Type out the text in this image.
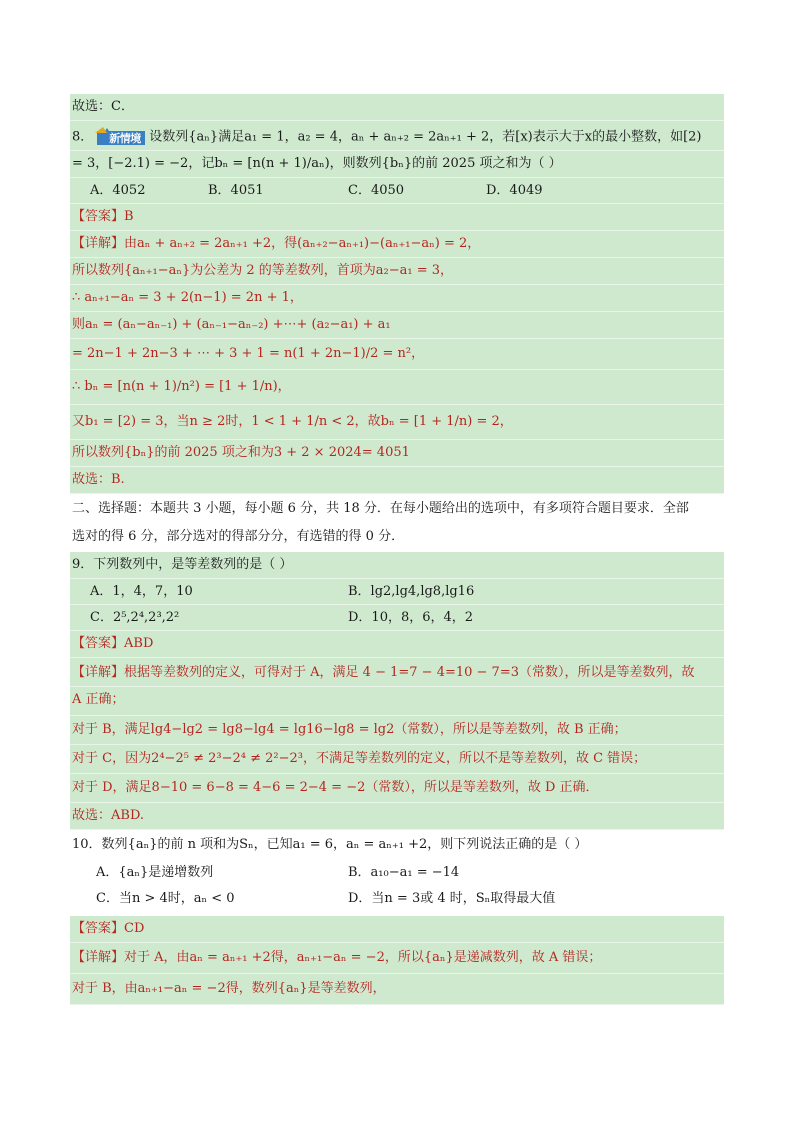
故选：C．
8． 新情境 设数列{aₙ}满足a₁ = 1，a₂ = 4，aₙ + aₙ₊₂ = 2aₙ₊₁ + 2，若[x)表示大于x的最小整数，如[2)
= 3，[−2.1) = −2，记bₙ = [n(n + 1)/aₙ)，则数列{bₙ}的前 2025 项之和为（ ）
A．4052	B．4051	C．4050	D．4049
【答案】B
【详解】由aₙ + aₙ₊₂ = 2aₙ₊₁ +2，得(aₙ₊₂−aₙ₊₁)−(aₙ₊₁−aₙ) = 2，
所以数列{aₙ₊₁−aₙ}为公差为 2 的等差数列，首项为a₂−a₁ = 3，
∴ aₙ₊₁−aₙ = 3 + 2(n−1) = 2n + 1，
则aₙ = (aₙ−aₙ₋₁) + (aₙ₋₁−aₙ₋₂) +⋯+ (a₂−a₁) + a₁
= 2n−1 + 2n−3 + ⋯ + 3 + 1 = n(1 + 2n−1)/2 = n²，
∴ bₙ = [n(n + 1)/n²) = [1 + 1/n)，
又b₁ = [2) = 3，当n ≥ 2时，1 < 1 + 1/n < 2，故bₙ = [1 + 1/n) = 2，
所以数列{bₙ}的前 2025 项之和为3 + 2 × 2024= 4051
故选：B.
二、选择题：本题共 3 小题，每小题 6 分，共 18 分．在每小题给出的选项中，有多项符合题目要求．全部
选对的得 6 分，部分选对的得部分分，有选错的得 0 分．
9．下列数列中，是等差数列的是（ ）
A．1，4，7，10	B．lg2,lg4,lg8,lg16
C．2⁵,2⁴,2³,2²	D．10，8，6，4，2
【答案】ABD
【详解】根据等差数列的定义，可得对于 A，满足 4 − 1=7 − 4=10 − 7=3（常数），所以是等差数列，故
A 正确；
对于 B，满足lg4−lg2 = lg8−lg4 = lg16−lg8 = lg2（常数），所以是等差数列，故 B 正确；
对于 C，因为2⁴−2⁵ ≠ 2³−2⁴ ≠ 2²−2³，不满足等差数列的定义，所以不是等差数列，故 C 错误；
对于 D，满足8−10 = 6−8 = 4−6 = 2−4 = −2（常数），所以是等差数列，故 D 正确．
故选：ABD.
10．数列{aₙ}的前 n 项和为Sₙ，已知a₁ = 6，aₙ = aₙ₊₁ +2，则下列说法正确的是（ ）
A．{aₙ}是递增数列	B．a₁₀−a₁ = −14
C．当n > 4时，aₙ < 0	D．当n = 3或 4 时，Sₙ取得最大值
【答案】CD
【详解】对于 A，由aₙ = aₙ₊₁ +2得，aₙ₊₁−aₙ = −2，所以{aₙ}是递减数列，故 A 错误；
对于 B，由aₙ₊₁−aₙ = −2得，数列{aₙ}是等差数列，
